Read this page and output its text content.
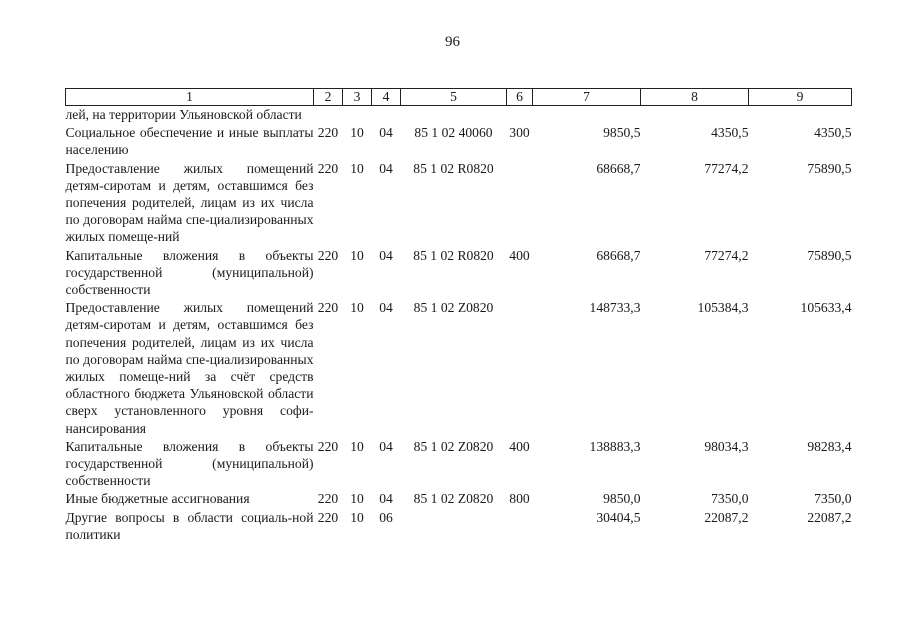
96
1	2	3	4	5	6	7	8	9
лей, на территории Ульяновской области								
Социальное обеспечение и иные выплаты населению	220	10	04	85 1 02 40060	300	9850,5	4350,5	4350,5
Предоставление жилых помещений детям-сиротам и детям, оставшимся без попечения родителей, лицам из их числа по договорам найма спе-циализированных жилых помеще-ний	220	10	04	85 1 02 R0820		68668,7	77274,2	75890,5
Капитальные вложения в объекты государственной (муниципальной) собственности	220	10	04	85 1 02 R0820	400	68668,7	77274,2	75890,5
Предоставление жилых помещений детям-сиротам и детям, оставшимся без попечения родителей, лицам из их числа по договорам найма спе-циализированных жилых помеще-ний за счёт средств областного бюджета Ульяновской области сверх установленного уровня софи-нансирования	220	10	04	85 1 02 Z0820		148733,3	105384,3	105633,4
Капитальные вложения в объекты государственной (муниципальной) собственности	220	10	04	85 1 02 Z0820	400	138883,3	98034,3	98283,4
Иные бюджетные ассигнования	220	10	04	85 1 02 Z0820	800	9850,0	7350,0	7350,0
Другие вопросы в области социаль-ной политики	220	10	06			30404,5	22087,2	22087,2
